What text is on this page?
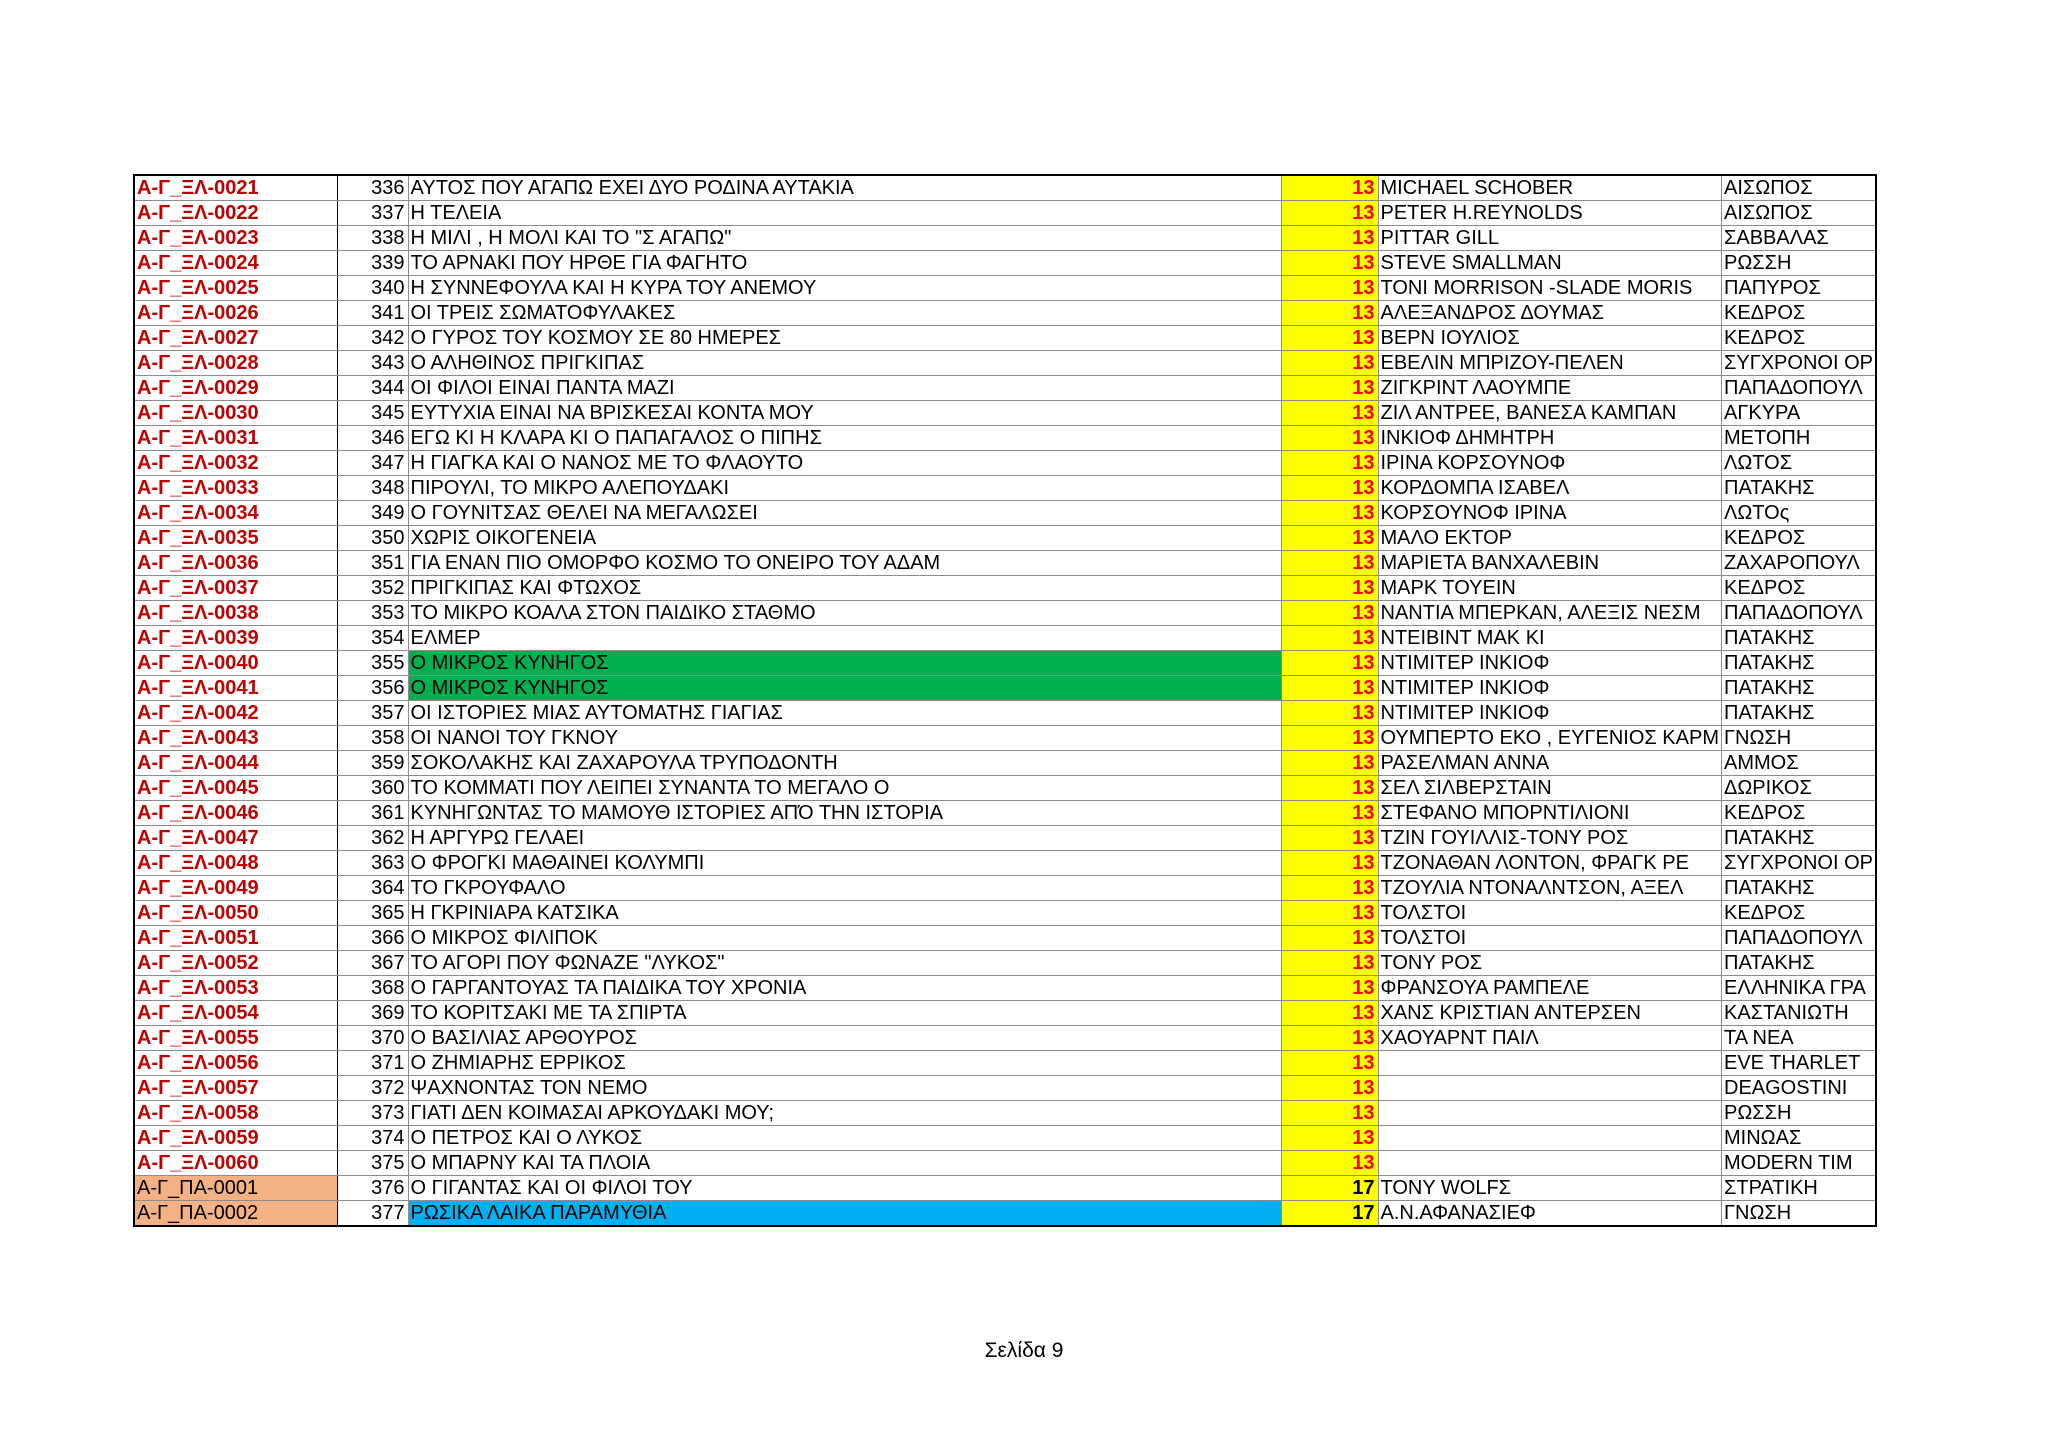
Α-Γ_ΞΛ-0021	336	ΑΥΤΟΣ ΠΟΥ ΑΓΑΠΩ ΕΧΕΙ ΔΥΟ ΡΟΔΙΝΑ ΑΥΤΑΚΙΑ	13	MICHAEL SCHOBER	ΑΙΣΩΠΟΣ
Α-Γ_ΞΛ-0022	337	Η ΤΕΛΕΙΑ	13	PETER H.REYNOLDS	ΑΙΣΩΠΟΣ
Α-Γ_ΞΛ-0023	338	Η ΜΙΛΙ , Η ΜΟΛΙ ΚΑΙ ΤΟ "Σ ΑΓΑΠΩ"	13	PITTAR GILL	ΣΑΒΒΑΛΑΣ
Α-Γ_ΞΛ-0024	339	ΤΟ ΑΡΝΑΚΙ ΠΟΥ ΗΡΘΕ ΓΙΑ ΦΑΓΗΤΟ	13	STEVE SMALLMAN	ΡΩΣΣΗ
Α-Γ_ΞΛ-0025	340	Η ΣΥΝΝΕΦΟΥΛΑ ΚΑΙ Η ΚΥΡΑ ΤΟΥ ΑΝΕΜΟΥ	13	TONI MORRISON -SLADE MORIS	ΠΑΠΥΡΟΣ
Α-Γ_ΞΛ-0026	341	ΟΙ ΤΡΕΙΣ ΣΩΜΑΤΟΦΥΛΑΚΕΣ	13	ΑΛΕΞΑΝΔΡΟΣ ΔΟΥΜΑΣ	ΚΕΔΡΟΣ
Α-Γ_ΞΛ-0027	342	Ο ΓΥΡΟΣ ΤΟΥ ΚΟΣΜΟΥ ΣΕ 80 ΗΜΕΡΕΣ	13	ΒΕΡΝ ΙΟΥΛΙΟΣ	ΚΕΔΡΟΣ
Α-Γ_ΞΛ-0028	343	Ο ΑΛΗΘΙΝΟΣ ΠΡΙΓΚΙΠΑΣ	13	ΕΒΕΛΙΝ ΜΠΡΙΖΟΥ-ΠΕΛΕΝ	ΣΥΓΧΡΟΝΟΙ ΟΡ
Α-Γ_ΞΛ-0029	344	ΟΙ ΦΙΛΟΙ ΕΙΝΑΙ ΠΑΝΤΑ ΜΑΖΙ	13	ΖΙΓΚΡΙΝΤ ΛΑΟΥΜΠΕ	ΠΑΠΑΔΟΠΟΥΛ
Α-Γ_ΞΛ-0030	345	ΕΥΤΥΧΙΑ ΕΙΝΑΙ ΝΑ ΒΡΙΣΚΕΣΑΙ ΚΟΝΤΑ ΜΟΥ	13	ΖΙΛ ΑΝΤΡΕΕ, ΒΑΝΕΣΑ ΚΑΜΠΑΝ	ΑΓΚΥΡΑ
Α-Γ_ΞΛ-0031	346	ΕΓΩ ΚΙ Η ΚΛΑΡΑ ΚΙ Ο ΠΑΠΑΓΑΛΟΣ Ο ΠΙΠΗΣ	13	ΙΝΚΙΟΦ ΔΗΜΗΤΡΗ	ΜΕΤΟΠΗ
Α-Γ_ΞΛ-0032	347	Η ΓΙΑΓΚΑ ΚΑΙ Ο ΝΑΝΟΣ ΜΕ ΤΟ ΦΛΑΟΥΤΟ	13	ΙΡΙΝΑ ΚΟΡΣΟΥΝΟΦ	ΛΩΤΟΣ
Α-Γ_ΞΛ-0033	348	ΠΙΡΟΥΛΙ, ΤΟ ΜΙΚΡΟ ΑΛΕΠΟΥΔΑΚΙ	13	ΚΟΡΔΟΜΠΑ ΙΣΑΒΕΛ	ΠΑΤΑΚΗΣ
Α-Γ_ΞΛ-0034	349	Ο ΓΟΥΝΙΤΣΑΣ ΘΕΛΕΙ ΝΑ ΜΕΓΑΛΩΣΕΙ	13	ΚΟΡΣΟΥΝΟΦ ΙΡΙΝΑ	ΛΩΤΟς
Α-Γ_ΞΛ-0035	350	ΧΩΡΙΣ ΟΙΚΟΓΕΝΕΙΑ	13	ΜΑΛΟ ΕΚΤΟΡ	ΚΕΔΡΟΣ
Α-Γ_ΞΛ-0036	351	ΓΙΑ ΕΝΑΝ ΠΙΟ ΟΜΟΡΦΟ ΚΟΣΜΟ ΤΟ ΟΝΕΙΡΟ ΤΟΥ ΑΔΑΜ	13	ΜΑΡΙΕΤΑ ΒΑΝΧΑΛΕΒΙΝ	ΖΑΧΑΡΟΠΟΥΛ
Α-Γ_ΞΛ-0037	352	ΠΡΙΓΚΙΠΑΣ ΚΑΙ ΦΤΩΧΟΣ	13	ΜΑΡΚ ΤΟΥΕΙΝ	ΚΕΔΡΟΣ
Α-Γ_ΞΛ-0038	353	ΤΟ ΜΙΚΡΟ ΚΟΑΛΑ ΣΤΟΝ ΠΑΙΔΙΚΟ ΣΤΑΘΜΟ	13	ΝΑΝΤΙΑ ΜΠΕΡΚΑΝ, ΑΛΕΞΙΣ ΝΕΣΜ	ΠΑΠΑΔΟΠΟΥΛ
Α-Γ_ΞΛ-0039	354	ΕΛΜΕΡ	13	ΝΤΕΙΒΙΝΤ ΜΑΚ ΚΙ	ΠΑΤΑΚΗΣ
Α-Γ_ΞΛ-0040	355	Ο ΜΙΚΡΟΣ ΚΥΝΗΓΟΣ	13	ΝΤΙΜΙΤΕΡ ΙΝΚΙΟΦ	ΠΑΤΑΚΗΣ
Α-Γ_ΞΛ-0041	356	Ο ΜΙΚΡΟΣ ΚΥΝΗΓΟΣ	13	ΝΤΙΜΙΤΕΡ ΙΝΚΙΟΦ	ΠΑΤΑΚΗΣ
Α-Γ_ΞΛ-0042	357	ΟΙ ΙΣΤΟΡΙΕΣ ΜΙΑΣ ΑΥΤΟΜΑΤΗΣ ΓΙΑΓΙΑΣ	13	ΝΤΙΜΙΤΕΡ ΙΝΚΙΟΦ	ΠΑΤΑΚΗΣ
Α-Γ_ΞΛ-0043	358	ΟΙ ΝΑΝΟΙ ΤΟΥ ΓΚΝΟΥ	13	ΟΥΜΠΕΡΤΟ ΕΚΟ , ΕΥΓΕΝΙΟΣ ΚΑΡΜ	ΓΝΩΣΗ
Α-Γ_ΞΛ-0044	359	ΣΟΚΟΛΑΚΗΣ ΚΑΙ ΖΑΧΑΡΟΥΛΑ ΤΡΥΠΟΔΟΝΤΗ	13	ΡΑΣΕΛΜΑΝ ΑΝΝΑ	ΑΜΜΟΣ
Α-Γ_ΞΛ-0045	360	ΤΟ ΚΟΜΜΑΤΙ ΠΟΥ ΛΕΙΠΕΙ ΣΥΝΑΝΤΑ ΤΟ ΜΕΓΑΛΟ Ο	13	ΣΕΛ ΣΙΛΒΕΡΣΤΑΙΝ	ΔΩΡΙΚΟΣ
Α-Γ_ΞΛ-0046	361	ΚΥΝΗΓΩΝΤΑΣ ΤΟ ΜΑΜΟΥΘ ΙΣΤΟΡΙΕΣ ΑΠΌ ΤΗΝ ΙΣΤΟΡΙΑ	13	ΣΤΕΦΑΝΟ ΜΠΟΡΝΤΙΛΙΟΝΙ	ΚΕΔΡΟΣ
Α-Γ_ΞΛ-0047	362	Η ΑΡΓΥΡΩ ΓΕΛΑΕΙ	13	ΤΖΙΝ ΓΟΥΙΛΛΙΣ-ΤΟΝΥ ΡΟΣ	ΠΑΤΑΚΗΣ
Α-Γ_ΞΛ-0048	363	Ο ΦΡΟΓΚΙ ΜΑΘΑΙΝΕΙ ΚΟΛΥΜΠΙ	13	ΤΖΟΝΑΘΑΝ ΛΟΝΤΟΝ, ΦΡΑΓΚ ΡΕ	ΣΥΓΧΡΟΝΟΙ ΟΡ
Α-Γ_ΞΛ-0049	364	ΤΟ ΓΚΡΟΥΦΑΛΟ	13	ΤΖΟΥΛΙΑ ΝΤΟΝΑΛΝΤΣΟΝ, ΑΞΕΛ	ΠΑΤΑΚΗΣ
Α-Γ_ΞΛ-0050	365	Η ΓΚΡΙΝΙΑΡΑ ΚΑΤΣΙΚΑ	13	ΤΟΛΣΤΟΙ	ΚΕΔΡΟΣ
Α-Γ_ΞΛ-0051	366	Ο ΜΙΚΡΟΣ ΦΙΛΙΠΟΚ	13	ΤΟΛΣΤΟΙ	ΠΑΠΑΔΟΠΟΥΛ
Α-Γ_ΞΛ-0052	367	ΤΟ ΑΓΟΡΙ ΠΟΥ ΦΩΝΑΖΕ "ΛΥΚΟΣ"	13	ΤΟΝΥ ΡΟΣ	ΠΑΤΑΚΗΣ
Α-Γ_ΞΛ-0053	368	Ο ΓΑΡΓΑΝΤΟΥΑΣ ΤΑ ΠΑΙΔΙΚΑ ΤΟΥ ΧΡΟΝΙΑ	13	ΦΡΑΝΣΟΥΑ ΡΑΜΠΕΛΕ	ΕΛΛΗΝΙΚΑ ΓΡΑ
Α-Γ_ΞΛ-0054	369	ΤΟ ΚΟΡΙΤΣΑΚΙ ΜΕ ΤΑ ΣΠΙΡΤΑ	13	ΧΑΝΣ ΚΡΙΣΤΙΑΝ ΑΝΤΕΡΣΕΝ	ΚΑΣΤΑΝΙΩΤΗ
Α-Γ_ΞΛ-0055	370	Ο ΒΑΣΙΛΙΑΣ ΑΡΘΟΥΡΟΣ	13	ΧΑΟΥΑΡΝΤ ΠΑΙΛ	ΤΑ ΝΕΑ
Α-Γ_ΞΛ-0056	371	Ο ΖΗΜΙΑΡΗΣ ΕΡΡΙΚΟΣ	13		EVE THARLET
Α-Γ_ΞΛ-0057	372	ΨΑΧΝΟΝΤΑΣ ΤΟΝ ΝΕΜΟ	13		DEAGOSTINI
Α-Γ_ΞΛ-0058	373	ΓΙΑΤΙ ΔΕΝ ΚΟΙΜΑΣΑΙ ΑΡΚΟΥΔΑΚΙ ΜΟΥ;	13		ΡΩΣΣΗ
Α-Γ_ΞΛ-0059	374	Ο ΠΕΤΡΟΣ ΚΑΙ Ο ΛΥΚΟΣ	13		ΜΙΝΩΑΣ
Α-Γ_ΞΛ-0060	375	Ο ΜΠΑΡΝΥ ΚΑΙ ΤΑ ΠΛΟΙΑ	13		MODERN TIM
Α-Γ_ΠΑ-0001	376	Ο ΓΙΓΑΝΤΑΣ ΚΑΙ ΟΙ ΦΙΛΟΙ ΤΟΥ	17	ΤΟΝΥ WOLFΣ	ΣΤΡΑΤΙΚΗ
Α-Γ_ΠΑ-0002	377	ΡΩΣΙΚΑ ΛΑΙΚΑ ΠΑΡΑΜΥΘΙΑ	17	Α.Ν.ΑΦΑΝΑΣΙΕΦ	ΓΝΩΣΗ
Σελίδα 9
